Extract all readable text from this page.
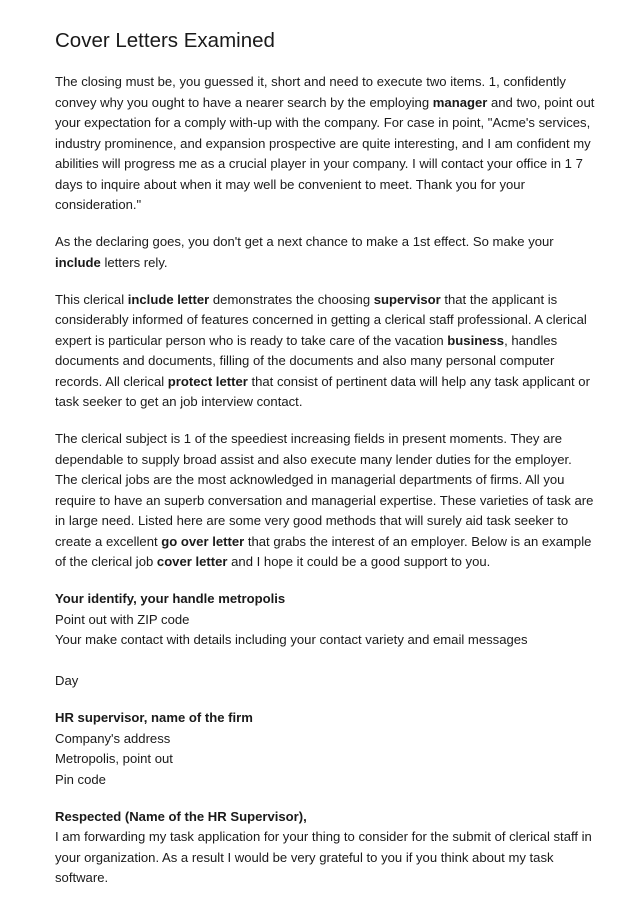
Cover Letters Examined

The closing must be, you guessed it, short and need to execute two items. 1, confidently
convey why you ought to have a nearer search by the employing manager and two, point out
your expectation for a comply with-up with the company. For case in point, "Acme's services,
industry prominence, and expansion prospective are quite interesting, and I am confident my
abilities will progress me as a crucial player in your company. I will contact your office in 1 7
days to inquire about when it may well be convenient to meet. Thank you for your
consideration."

As the declaring goes, you don't get a next chance to make a 1st effect. So make your
include letters rely.

This clerical include letter demonstrates the choosing supervisor that the applicant is
considerably informed of features concerned in getting a clerical staff professional. A clerical
expert is particular person who is ready to take care of the vacation business, handles
documents and documents, filling of the documents and also many personal computer
records. All clerical protect letter that consist of pertinent data will help any task applicant or
task seeker to get an job interview contact.

The clerical subject is 1 of the speediest increasing fields in present moments. They are
dependable to supply broad assist and also execute many lender duties for the employer.
The clerical jobs are the most acknowledged in managerial departments of firms. All you
require to have an superb conversation and managerial expertise. These varieties of task are
in large need. Listed here are some very good methods that will surely aid task seeker to
create a excellent go over letter that grabs the interest of an employer. Below is an example
of the clerical job cover letter and I hope it could be a good support to you.

Your identify, your handle metropolis
Point out with ZIP code
Your make contact with details including your contact variety and email messages
Day

HR supervisor, name of the firm
Company's address
Metropolis, point out
Pin code

Respected (Name of the HR Supervisor),
I am forwarding my task application for your thing to consider for the submit of clerical staff in
your organization. As a result I would be very grateful to you if you think about my task
software.
